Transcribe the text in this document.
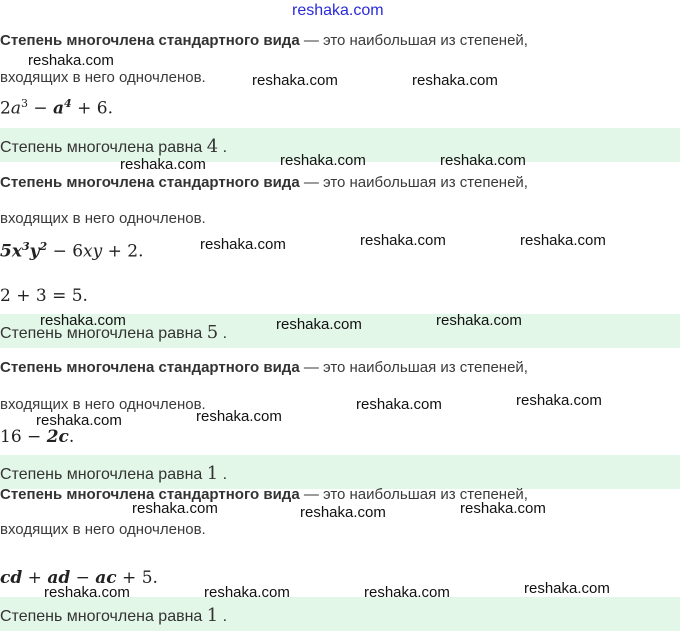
reshaka.com
Степень многочлена стандартного вида — это наибольшая из степеней,
входящих в него одночленов.
$2a^3 - a^4 + 6$.
Степень многочлена равна 4 .
Степень многочлена стандартного вида — это наибольшая из степеней,
входящих в него одночленов.
$5x^3y^2 - 6xy + 2$.
2 + 3 = 5.
Степень многочлена равна 5 .
Степень многочлена стандартного вида — это наибольшая из степеней,
входящих в него одночленов.
16 − 2c.
Степень многочлена равна 1 .
Степень многочлена стандартного вида — это наибольшая из степеней,
входящих в него одночленов.
cd + ad − ac + 5.
Степень многочлена равна 1 .
reshaka.com
reshaka.com	reshaka.com
reshaka.com	reshaka.com	reshaka.com
reshaka.com	reshaka.com	reshaka.com
reshaka.com	reshaka.com	reshaka.com
reshaka.com	reshaka.com
reshaka.com	reshaka.com
reshaka.com	reshaka.com	reshaka.com
reshaka.com	reshaka.com	reshaka.com	reshaka.com
